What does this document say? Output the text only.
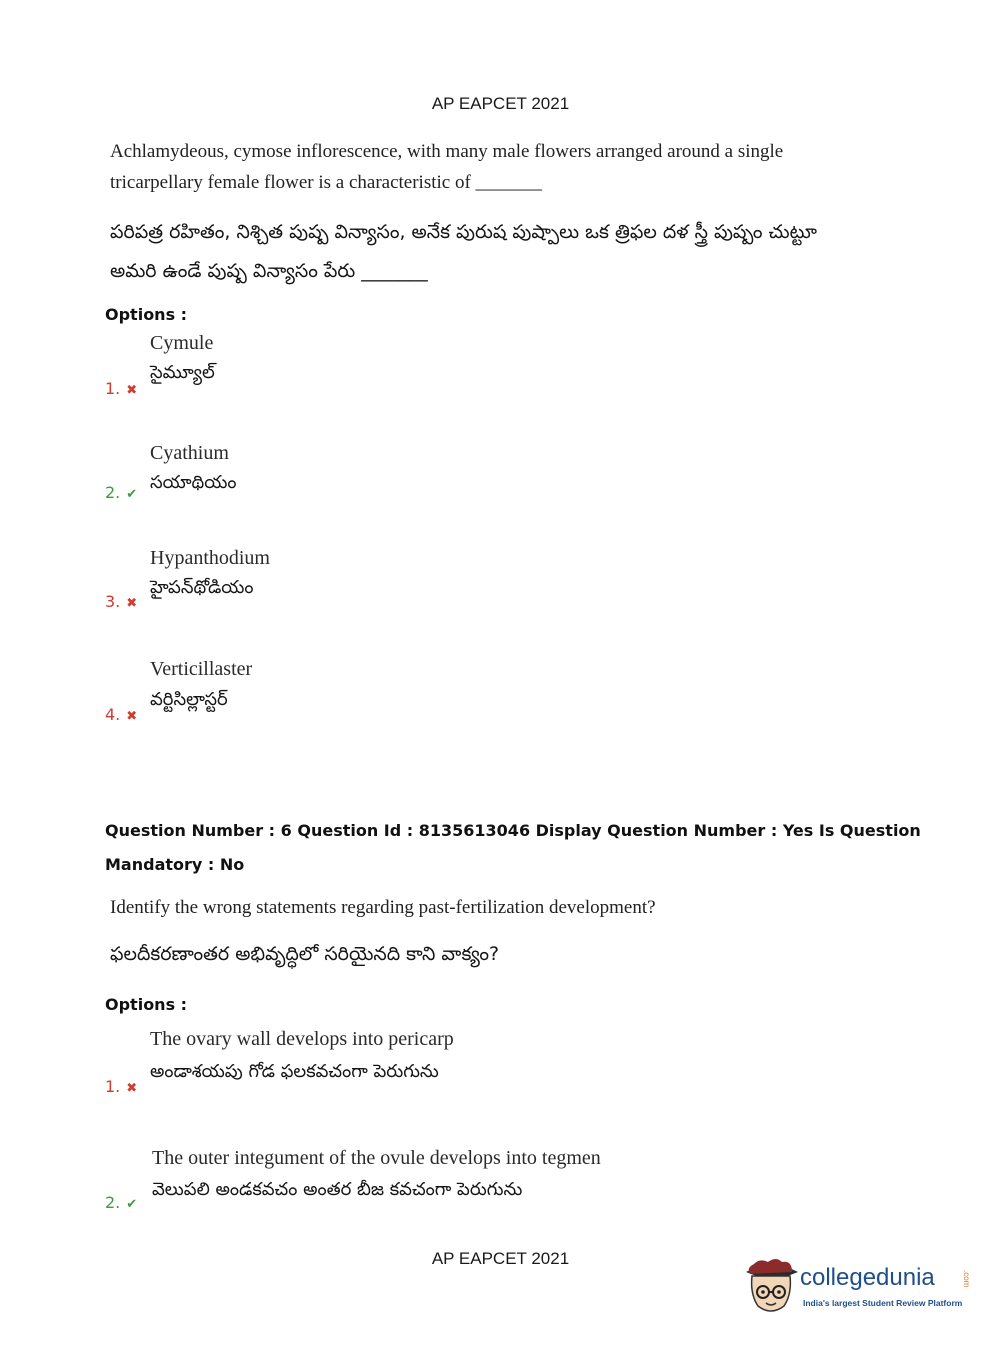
AP EAPCET 2021
Achlamydeous, cymose inflorescence, with many male flowers arranged around a single
tricarpellary female flower is a characteristic of _______
పరిపత్ర రహితం, నిశ్చిత పుష్ప విన్యాసం, అనేక పురుష పుష్పాలు ఒక త్రిఫల దళ స్త్రీ పుష్పం చుట్టూ
అమరి ఉండే పుష్ప విన్యాసం పేరు _______
Options :
Cymule
సైమ్యూల్
1. ✖
Cyathium
సయాథియం
2. ✔
Hypanthodium
హైపన్‌థోడియం
3. ✖
Verticillaster
వర్టిసిల్లాస్టర్
4. ✖
Question Number : 6 Question Id : 8135613046 Display Question Number : Yes Is Question
Mandatory : No
Identify the wrong statements regarding past-fertilization development?
ఫలదీకరణాంతర అభివృద్ధిలో సరియైనది కాని వాక్యం?
Options :
The ovary wall develops into pericarp
అండాశయపు గోడ ఫలకవచంగా పెరుగును
1. ✖
The outer integument of the ovule develops into tegmen
వెలుపలి అండకవచం అంతర బీజ కవచంగా పెరుగును
2. ✔
AP EAPCET 2021
collegedunia	.com
India's largest Student Review Platform
